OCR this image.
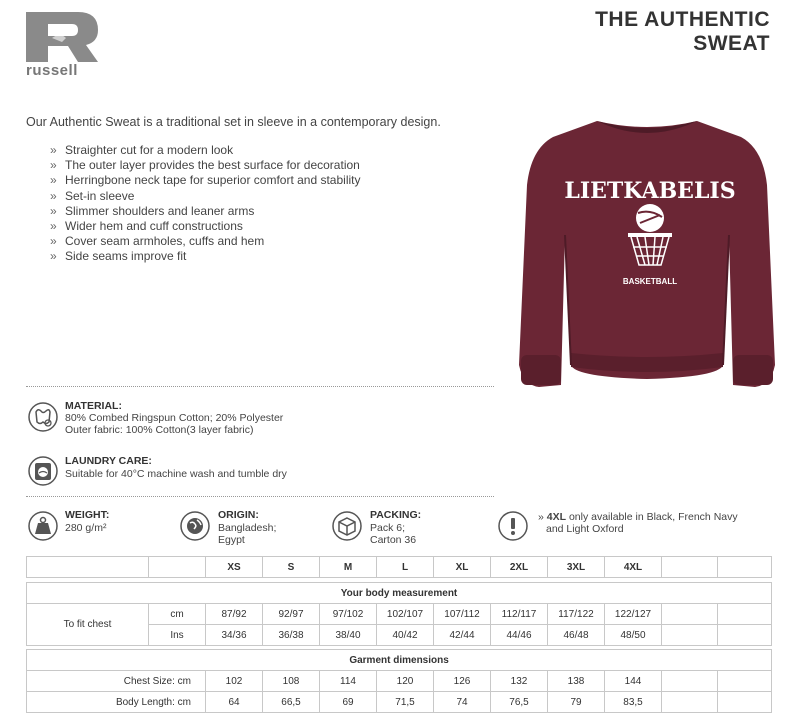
russell
THE AUTHENTIC
SWEAT
Our Authentic Sweat is a traditional set in sleeve in a contemporary design.
» Straighter cut for a modern look
» The outer layer provides the best surface for decoration
» Herringbone neck tape for superior comfort and stability
» Set-in sleeve
» Slimmer shoulders and leaner arms
» Wider hem and cuff constructions
» Cover seam armholes, cuffs and hem
» Side seams improve fit
LIETKABELIS
BASKETBALL
MATERIAL:
80% Combed Ringspun Cotton; 20% Polyester
Outer fabric: 100% Cotton(3 layer fabric)
LAUNDRY CARE:
Suitable for 40°C machine wash and tumble dry
WEIGHT:
280 g/m²
ORIGIN:
Bangladesh;
Egypt
PACKING:
Pack 6;
Carton 36
» 4XL only available in Black, French Navy
and Light Oxford
		XS	S	M	L	XL	2XL	3XL	4XL		
Your body measurement											
To fit chest	cm	87/92	92/97	97/102	102/107	107/112	112/117	117/122	122/127		
	Ins	34/36	36/38	38/40	40/42	42/44	44/46	46/48	48/50		
Garment dimensions										
Chest Size: cm	102	108	114	120	126	132	138	144		
Body Length: cm	64	66,5	69	71,5	74	76,5	79	83,5		
